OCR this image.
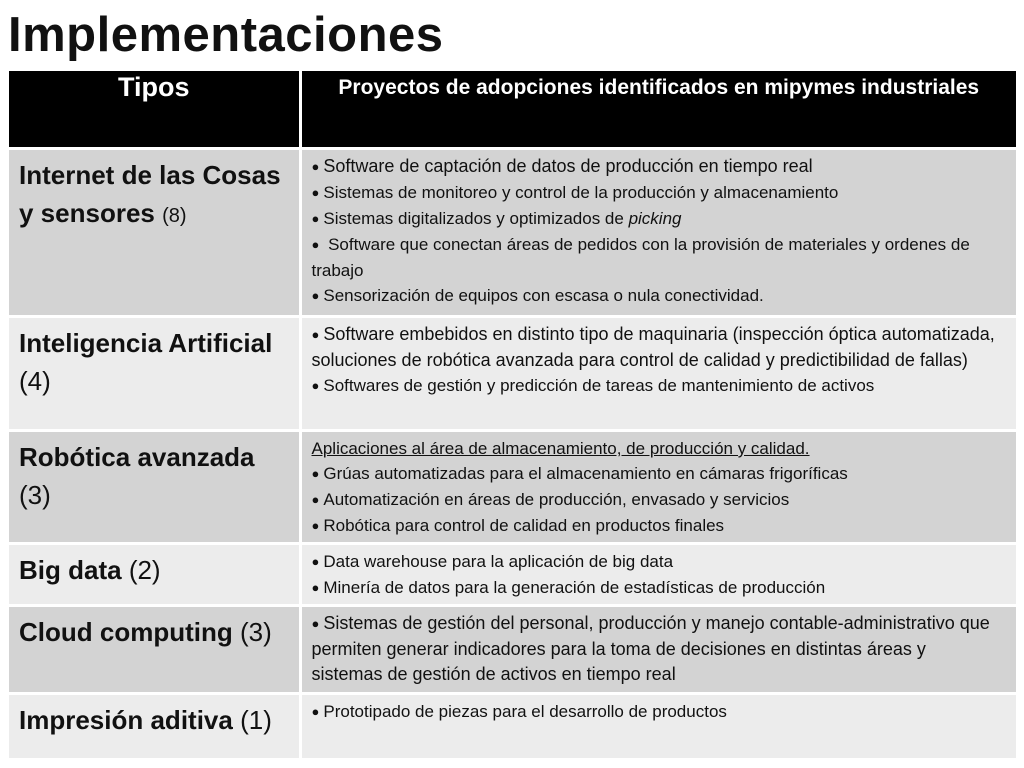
Implementaciones
Tipos	Proyectos de adopciones identificados en mipymes industriales
Internet de las Cosas y sensores (8)	● Software de captación de datos de producción en tiempo real
● Sistemas de monitoreo y control de la producción y almacenamiento
● Sistemas digitalizados y optimizados de picking
● Software que conectan áreas de pedidos con la provisión de materiales y ordenes de trabajo
● Sensorización de equipos con escasa o nula conectividad.

Inteligencia Artificial (4)	● Software embebidos en distinto tipo de maquinaria (inspección óptica automatizada, soluciones de robótica avanzada para control de calidad y predictibilidad de fallas)
● Softwares de gestión y predicción de tareas de mantenimiento de activos

Robótica avanzada (3)	Aplicaciones al área de almacenamiento, de producción y calidad.
● Grúas automatizadas para el almacenamiento en cámaras frigoríficas
● Automatización en áreas de producción, envasado y servicios
● Robótica para control de calidad en productos finales

Big data (2)	● Data warehouse para la aplicación de big data
● Minería de datos para la generación de estadísticas de producción

Cloud computing (3)	● Sistemas de gestión del personal, producción y manejo contable-administrativo que permiten generar indicadores para la toma de decisiones en distintas áreas y sistemas de gestión de activos en tiempo real

Impresión aditiva (1)	● Prototipado de piezas para el desarrollo de productos
